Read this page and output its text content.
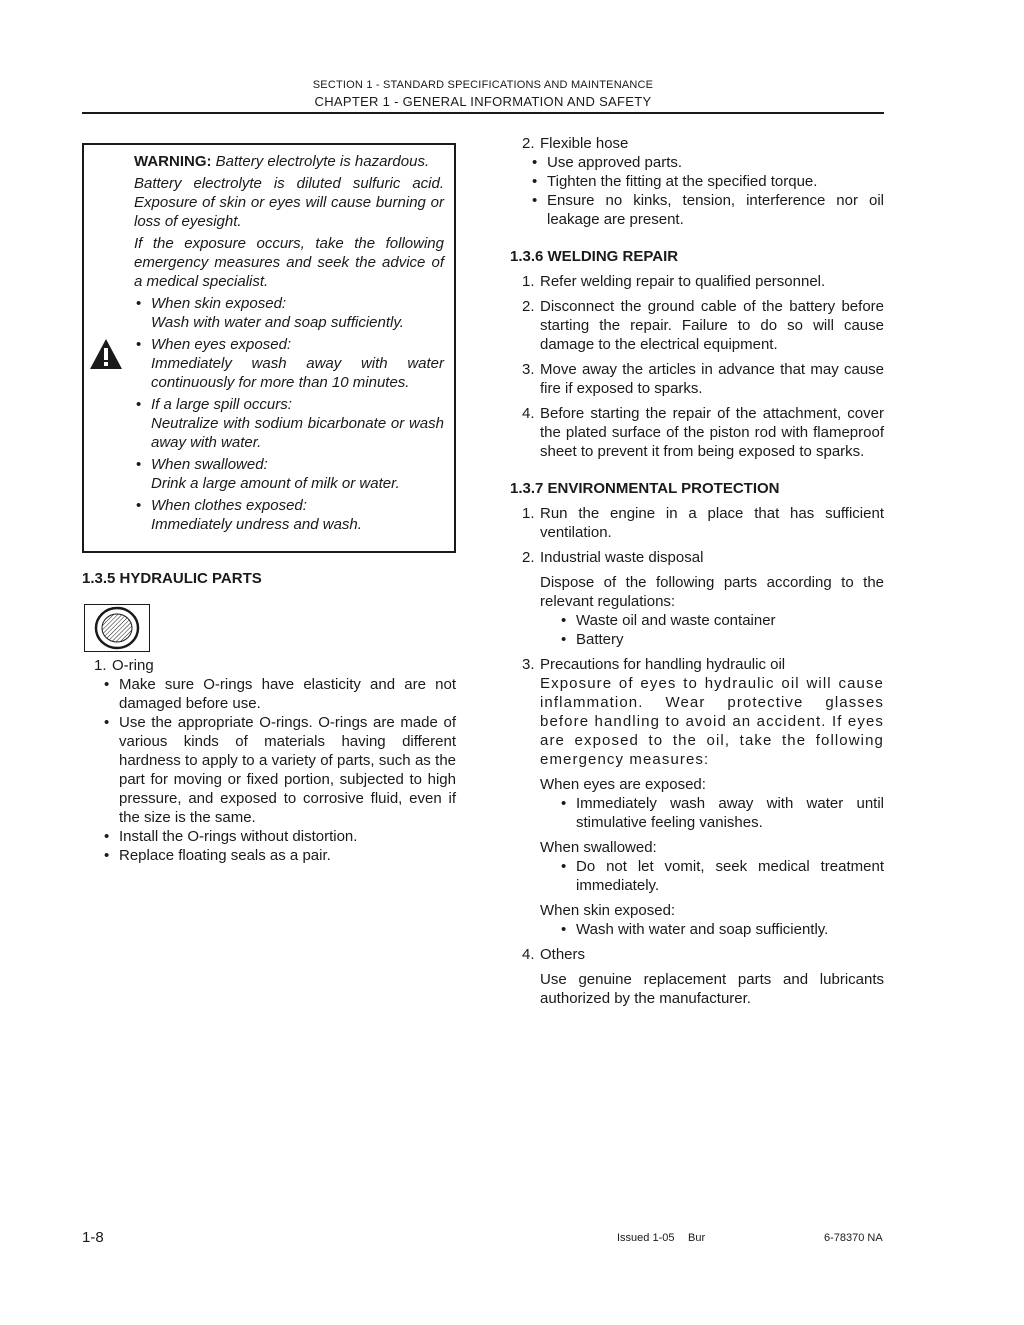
SECTION 1 - STANDARD SPECIFICATIONS AND MAINTENANCE
CHAPTER 1 - GENERAL INFORMATION AND SAFETY

WARNING: Battery electrolyte is hazardous.

Battery electrolyte is diluted sulfuric acid. Exposure of skin or eyes will cause burning or loss of eyesight.

If the exposure occurs, take the following emergency measures and seek the advice of a medical specialist.

• When skin exposed:
Wash with water and soap sufficiently.
• When eyes exposed:
Immediately wash away with water continuously for more than 10 minutes.
• If a large spill occurs:
Neutralize with sodium bicarbonate or wash away with water.
• When swallowed:
Drink a large amount of milk or water.
• When clothes exposed:
Immediately undress and wash.
1.3.5 HYDRAULIC PARTS
1. O-ring
• Make sure O-rings have elasticity and are not damaged before use.
• Use the appropriate O-rings. O-rings are made of various kinds of materials having different hardness to apply to a variety of parts, such as the part for moving or fixed portion, subjected to high pressure, and exposed to corrosive fluid, even if the size is the same.
• Install the O-rings without distortion.
• Replace floating seals as a pair.
2. Flexible hose
• Use approved parts.
• Tighten the fitting at the specified torque.
• Ensure no kinks, tension, interference nor oil leakage are present.
1.3.6 WELDING REPAIR
1. Refer welding repair to qualified personnel.
2. Disconnect the ground cable of the battery before starting the repair. Failure to do so will cause damage to the electrical equipment.
3. Move away the articles in advance that may cause fire if exposed to sparks.
4. Before starting the repair of the attachment, cover the plated surface of the piston rod with flameproof sheet to prevent it from being exposed to sparks.
1.3.7 ENVIRONMENTAL PROTECTION
1. Run the engine in a place that has sufficient ventilation.
2. Industrial waste disposal

Dispose of the following parts according to the relevant regulations:

• Waste oil and waste container
• Battery
3. Precautions for handling hydraulic oil

Exposure of eyes to hydraulic oil will cause inflammation. Wear protective glasses before handling to avoid an accident. If eyes are exposed to the oil, take the following emergency measures:

When eyes are exposed:

• Immediately wash away with water until stimulative feeling vanishes.

When swallowed:

• Do not let vomit, seek medical treatment immediately.

When skin exposed:

• Wash with water and soap sufficiently.
4. Others

Use genuine replacement parts and lubricants authorized by the manufacturer.

1-8	Issued 1-05 Bur	6-78370 NA
